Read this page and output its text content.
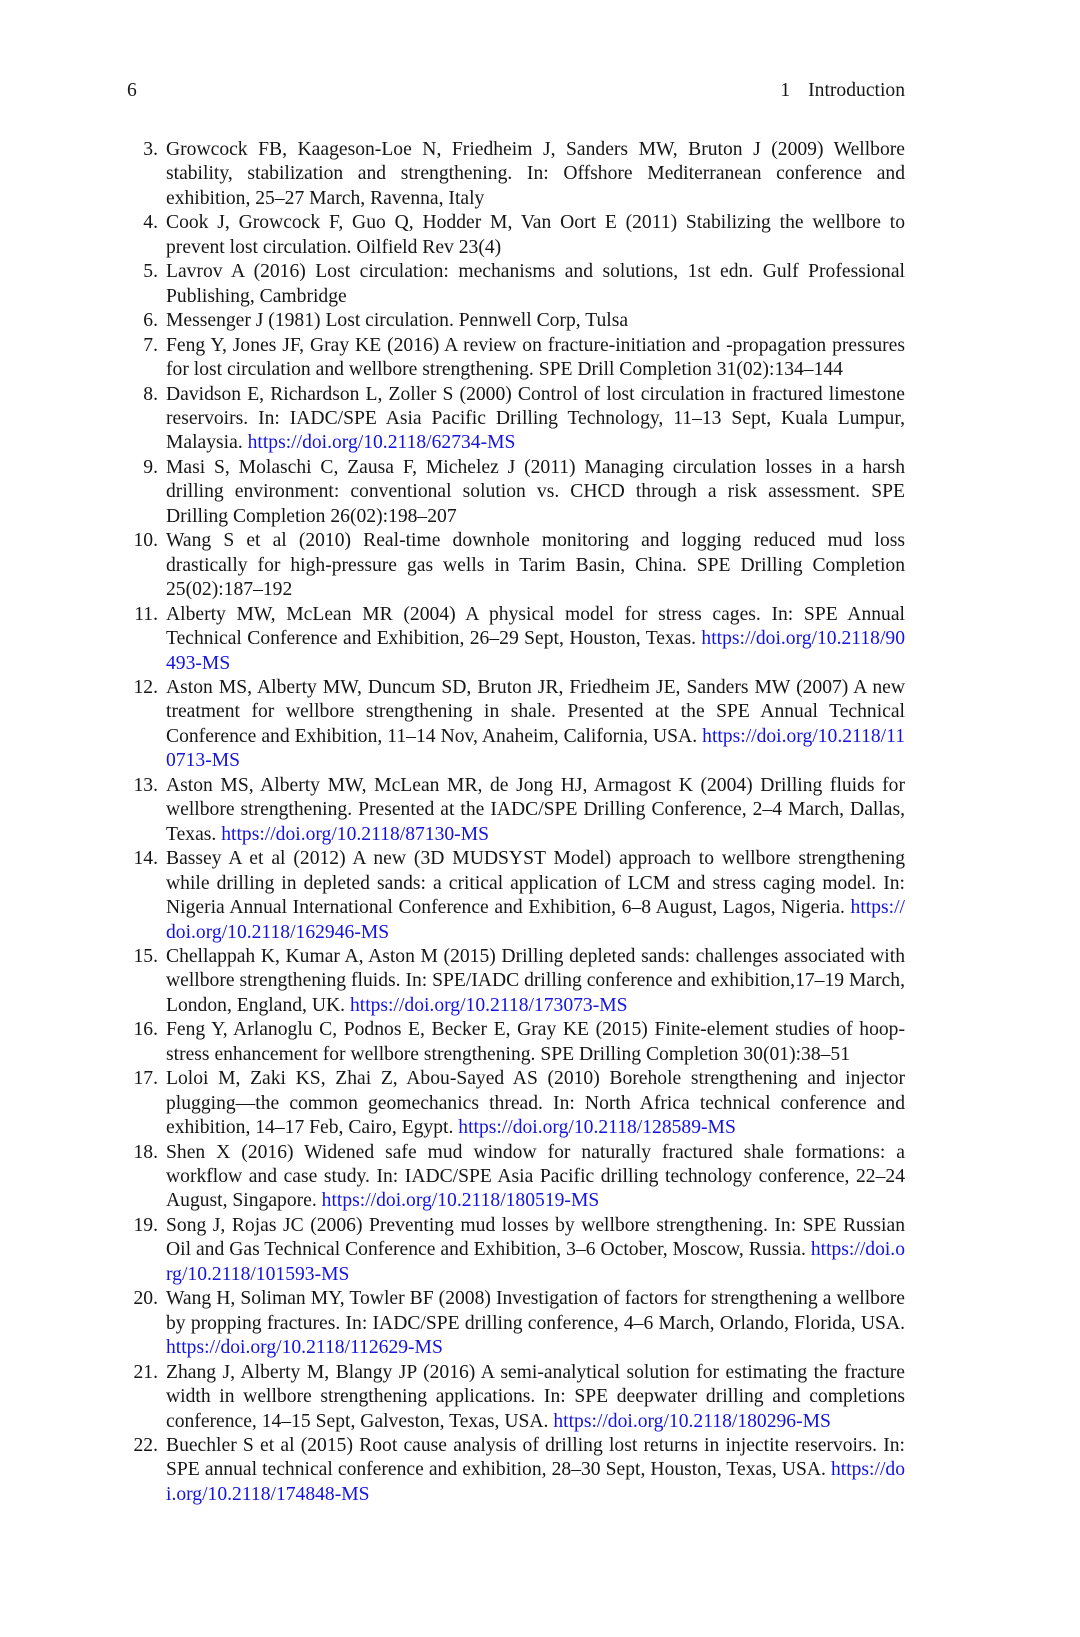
6	1 Introduction
3. Growcock FB, Kaageson-Loe N, Friedheim J, Sanders MW, Bruton J (2009) Wellbore stability, stabilization and strengthening. In: Offshore Mediterranean conference and exhibition, 25–27 March, Ravenna, Italy
4. Cook J, Growcock F, Guo Q, Hodder M, Van Oort E (2011) Stabilizing the wellbore to prevent lost circulation. Oilfield Rev 23(4)
5. Lavrov A (2016) Lost circulation: mechanisms and solutions, 1st edn. Gulf Professional Publishing, Cambridge
6. Messenger J (1981) Lost circulation. Pennwell Corp, Tulsa
7. Feng Y, Jones JF, Gray KE (2016) A review on fracture-initiation and -propagation pressures for lost circulation and wellbore strengthening. SPE Drill Completion 31(02):134–144
8. Davidson E, Richardson L, Zoller S (2000) Control of lost circulation in fractured limestone reservoirs. In: IADC/SPE Asia Pacific Drilling Technology, 11–13 Sept, Kuala Lumpur, Malaysia. https://doi.org/10.2118/62734-MS
9. Masi S, Molaschi C, Zausa F, Michelez J (2011) Managing circulation losses in a harsh drilling environment: conventional solution vs. CHCD through a risk assessment. SPE Drilling Completion 26(02):198–207
10. Wang S et al (2010) Real-time downhole monitoring and logging reduced mud loss drastically for high-pressure gas wells in Tarim Basin, China. SPE Drilling Completion 25(02):187–192
11. Alberty MW, McLean MR (2004) A physical model for stress cages. In: SPE Annual Technical Conference and Exhibition, 26–29 Sept, Houston, Texas. https://doi.org/10.2118/90493-MS
12. Aston MS, Alberty MW, Duncum SD, Bruton JR, Friedheim JE, Sanders MW (2007) A new treatment for wellbore strengthening in shale. Presented at the SPE Annual Technical Conference and Exhibition, 11–14 Nov, Anaheim, California, USA. https://doi.org/10.2118/110713-MS
13. Aston MS, Alberty MW, McLean MR, de Jong HJ, Armagost K (2004) Drilling fluids for wellbore strengthening. Presented at the IADC/SPE Drilling Conference, 2–4 March, Dallas, Texas. https://doi.org/10.2118/87130-MS
14. Bassey A et al (2012) A new (3D MUDSYST Model) approach to wellbore strengthening while drilling in depleted sands: a critical application of LCM and stress caging model. In: Nigeria Annual International Conference and Exhibition, 6–8 August, Lagos, Nigeria. https://doi.org/10.2118/162946-MS
15. Chellappah K, Kumar A, Aston M (2015) Drilling depleted sands: challenges associated with wellbore strengthening fluids. In: SPE/IADC drilling conference and exhibition,17–19 March, London, England, UK. https://doi.org/10.2118/173073-MS
16. Feng Y, Arlanoglu C, Podnos E, Becker E, Gray KE (2015) Finite-element studies of hoop-stress enhancement for wellbore strengthening. SPE Drilling Completion 30(01):38–51
17. Loloi M, Zaki KS, Zhai Z, Abou-Sayed AS (2010) Borehole strengthening and injector plugging—the common geomechanics thread. In: North Africa technical conference and exhibition, 14–17 Feb, Cairo, Egypt. https://doi.org/10.2118/128589-MS
18. Shen X (2016) Widened safe mud window for naturally fractured shale formations: a workflow and case study. In: IADC/SPE Asia Pacific drilling technology conference, 22–24 August, Singapore. https://doi.org/10.2118/180519-MS
19. Song J, Rojas JC (2006) Preventing mud losses by wellbore strengthening. In: SPE Russian Oil and Gas Technical Conference and Exhibition, 3–6 October, Moscow, Russia. https://doi.org/10.2118/101593-MS
20. Wang H, Soliman MY, Towler BF (2008) Investigation of factors for strengthening a wellbore by propping fractures. In: IADC/SPE drilling conference, 4–6 March, Orlando, Florida, USA. https://doi.org/10.2118/112629-MS
21. Zhang J, Alberty M, Blangy JP (2016) A semi-analytical solution for estimating the fracture width in wellbore strengthening applications. In: SPE deepwater drilling and completions conference, 14–15 Sept, Galveston, Texas, USA. https://doi.org/10.2118/180296-MS
22. Buechler S et al (2015) Root cause analysis of drilling lost returns in injectite reservoirs. In: SPE annual technical conference and exhibition, 28–30 Sept, Houston, Texas, USA. https://doi.org/10.2118/174848-MS
